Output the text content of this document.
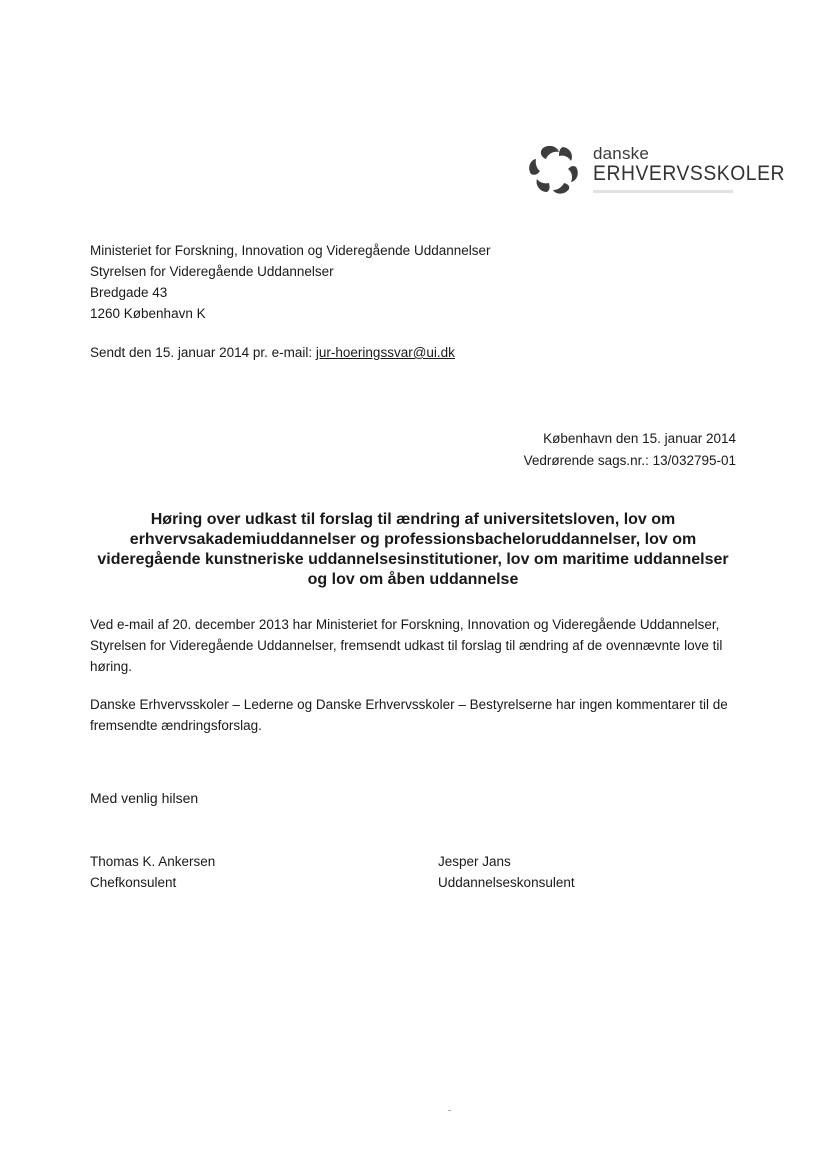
danske
ERHVERVSSKOLER
Ministeriet for Forskning, Innovation og Videregående Uddannelser
Styrelsen for Videregående Uddannelser
Bredgade 43
1260 København K
Sendt den 15. januar 2014 pr. e-mail: jur-hoeringssvar@ui.dk
København den 15. januar 2014
Vedrørende sags.nr.: 13/032795-01
Høring over udkast til forslag til ændring af universitetsloven, lov om
erhvervsakademiuddannelser og professionsbacheloruddannelser, lov om
videregående kunstneriske uddannelsesinstitutioner, lov om maritime uddannelser
og lov om åben uddannelse
Ved e-mail af 20. december 2013 har Ministeriet for Forskning, Innovation og Videregående Uddannelser, Styrelsen for Videregående Uddannelser, fremsendt udkast til forslag til ændring af de ovennævnte love til høring.
Danske Erhvervsskoler – Lederne og Danske Erhvervsskoler – Bestyrelserne har ingen kommentarer til de fremsendte ændringsforslag.
Med venlig hilsen
Thomas K. Ankersen
Chefkonsulent
Jesper Jans
Uddannelseskonsulent
